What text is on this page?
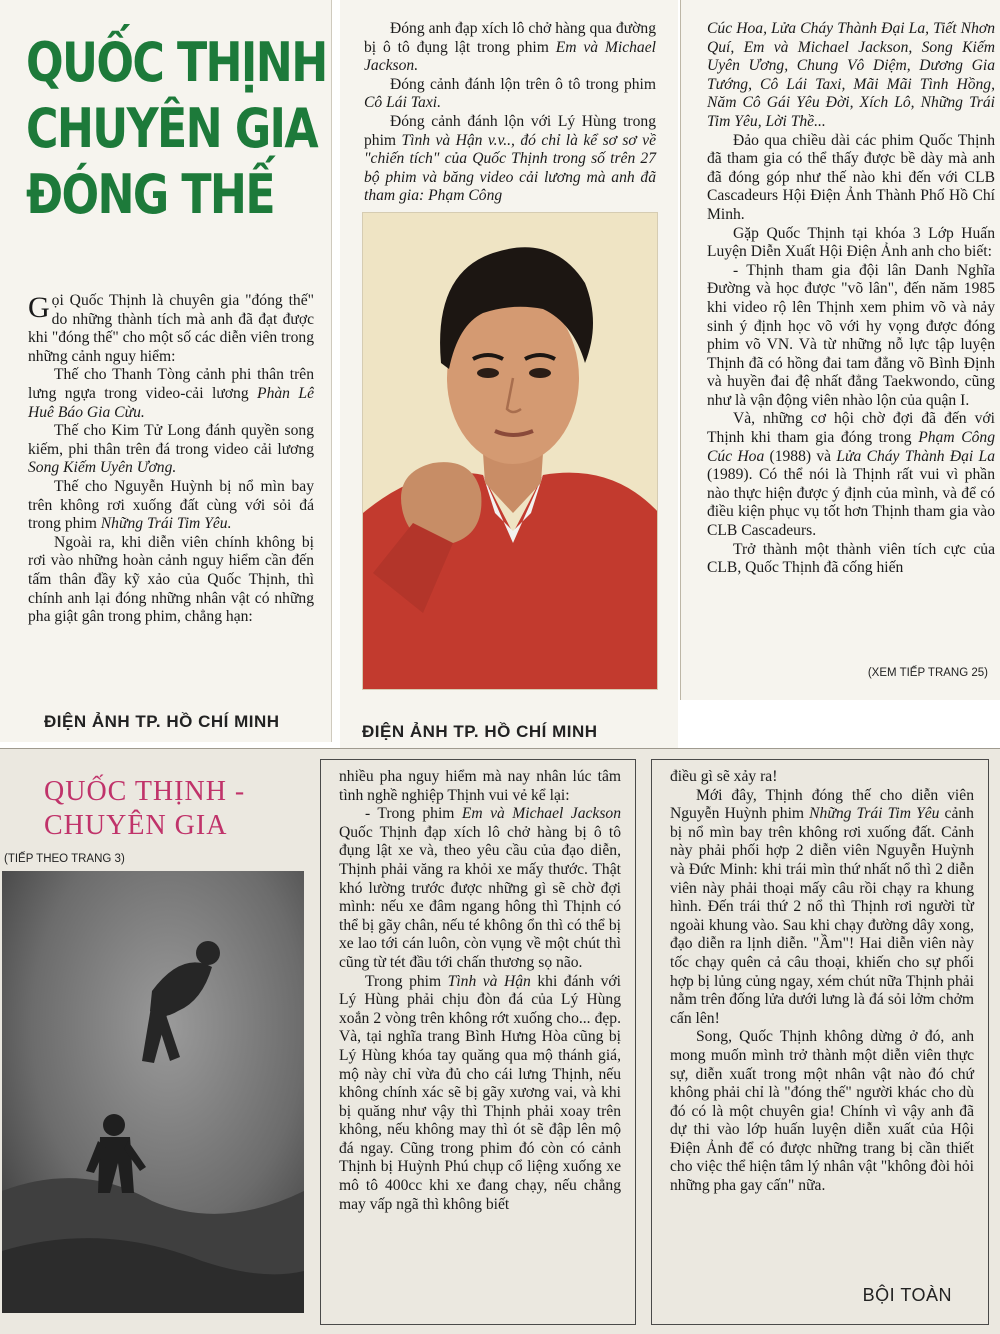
QUỐC THỊNH
CHUYÊN GIA
ĐÓNG THẾ

Gọi Quốc Thịnh là chuyên gia "đóng thế" do những thành tích mà anh đã đạt được khi "đóng thế" cho một số các diễn viên trong những cảnh nguy hiểm:

Thế cho Thanh Tòng cảnh phi thân trên lưng ngựa trong video-cải lương Phàn Lê Huê Báo Gia Cừu.

Thế cho Kim Tử Long đánh quyền song kiếm, phi thân trên đá trong video cải lương Song Kiếm Uyên Ương.

Thế cho Nguyễn Huỳnh bị nổ mìn bay trên không rơi xuống đất cùng với sỏi đá trong phim Những Trái Tim Yêu.

Ngoài ra, khi diễn viên chính không bị rơi vào những hoàn cảnh nguy hiểm cần đến tấm thân đầy kỹ xảo của Quốc Thịnh, thì chính anh lại đóng những nhân vật có những pha giật gân trong phim, chẳng hạn:

ĐIỆN ẢNH TP. HỒ CHÍ MINH

Đóng anh đạp xích lô chở hàng qua đường bị ô tô đụng lật trong phim Em và Michael Jackson.

Đóng cảnh đánh lộn trên ô tô trong phim Cô Lái Taxi.

Đóng cảnh đánh lộn với Lý Hùng trong phim Tình và Hận v.v.., đó chỉ là kể sơ sơ về "chiến tích" của Quốc Thịnh trong số trên 27 bộ phim và băng video cải lương mà anh đã tham gia: Phạm Công

ĐIỆN ẢNH TP. HỒ CHÍ MINH

Cúc Hoa, Lửa Cháy Thành Đại La, Tiết Nhơn Quí, Em và Michael Jackson, Song Kiếm Uyên Ương, Chung Vô Diệm, Dương Gia Tướng, Cô Lái Taxi, Mãi Mãi Tình Hồng, Năm Cô Gái Yêu Đời, Xích Lô, Những Trái Tim Yêu, Lời Thề...

Đảo qua chiều dài các phim Quốc Thịnh đã tham gia có thể thấy được bề dày mà anh đã đóng góp như thế nào khi đến với CLB Cascadeurs Hội Điện Ảnh Thành Phố Hồ Chí Minh.

Gặp Quốc Thịnh tại khóa 3 Lớp Huấn Luyện Diễn Xuất Hội Điện Ảnh anh cho biết:

- Thịnh tham gia đội lân Danh Nghĩa Đường và học được "võ lân", đến năm 1985 khi video rộ lên Thịnh xem phim võ và nảy sinh ý định học võ với hy vọng được đóng phim võ VN. Và từ những nỗ lực tập luyện Thịnh đã có hồng đai tam đẳng võ Bình Định và huyền đai đệ nhất đẳng Taekwondo, cũng như là vận động viên nhào lộn của quận I.

Và, những cơ hội chờ đợi đã đến với Thịnh khi tham gia đóng trong Phạm Công Cúc Hoa (1988) và Lửa Cháy Thành Đại La (1989). Có thể nói là Thịnh rất vui vì phần nào thực hiện được ý định của mình, và để có điều kiện phục vụ tốt hơn Thịnh tham gia vào CLB Cascadeurs.

Trở thành một thành viên tích cực của CLB, Quốc Thịnh đã cống hiến

(XEM TIẾP TRANG 25)
QUỐC THỊNH -
CHUYÊN GIA
(TIẾP THEO TRANG 3)

nhiều pha nguy hiểm mà nay nhân lúc tâm tình nghề nghiệp Thịnh vui vẻ kể lại:

- Trong phim Em và Michael Jackson Quốc Thịnh đạp xích lô chở hàng bị ô tô đụng lật xe và, theo yêu cầu của đạo diễn, Thịnh phải văng ra khỏi xe mấy thước. Thật khó lường trước được những gì sẽ chờ đợi mình: nếu xe đâm ngang hông thì Thịnh có thể bị gãy chân, nếu té không ổn thì có thể bị xe lao tới cán luôn, còn vụng về một chút thì cũng từ tét đầu tới chấn thương sọ não.

Trong phim Tình và Hận khi đánh với Lý Hùng phải chịu đòn đá của Lý Hùng xoắn 2 vòng trên không rớt xuống cho... đẹp. Và, tại nghĩa trang Bình Hưng Hòa cũng bị Lý Hùng khóa tay quăng qua mộ thánh giá, mộ này chỉ vừa đủ cho cái lưng Thịnh, nếu không chính xác sẽ bị gãy xương vai, và khi bị quăng như vậy thì Thịnh phải xoay trên không, nếu không may thì ót sẽ đập lên mộ đá ngay. Cũng trong phim đó còn có cảnh Thịnh bị Huỳnh Phú chụp cổ liệng xuống xe mô tô 400cc khi xe đang chạy, nếu chẳng may vấp ngã thì không biết

điều gì sẽ xảy ra!

Mới đây, Thịnh đóng thế cho diễn viên Nguyễn Huỳnh phim Những Trái Tim Yêu cảnh bị nổ mìn bay trên không rơi xuống đất. Cảnh này phải phối hợp 2 diễn viên Nguyễn Huỳnh và Đức Minh: khi trái mìn thứ nhất nổ thì 2 diễn viên này phải thoại mấy câu rồi chạy ra khung hình. Đến trái thứ 2 nổ thì Thịnh rơi người từ ngoài khung vào. Sau khi chạy đường dây xong, đạo diễn ra lịnh diễn. "Ầm"! Hai diễn viên này tốc chạy quên cả câu thoại, khiến cho sự phối hợp bị lủng củng ngay, xém chút nữa Thịnh phải nằm trên đống lửa dưới lưng là đá sỏi lởm chởm cấn lên!

Song, Quốc Thịnh không dừng ở đó, anh mong muốn mình trở thành một diễn viên thực sự, diễn xuất trong một nhân vật nào đó chứ không phải chỉ là "đóng thế" người khác cho dù đó có là một chuyên gia! Chính vì vậy anh đã dự thi vào lớp huấn luyện diễn xuất của Hội Điện Ảnh để có được những trang bị cần thiết cho việc thể hiện tâm lý nhân vật "không đòi hỏi những pha gay cấn" nữa.

BỘI TOÀN
